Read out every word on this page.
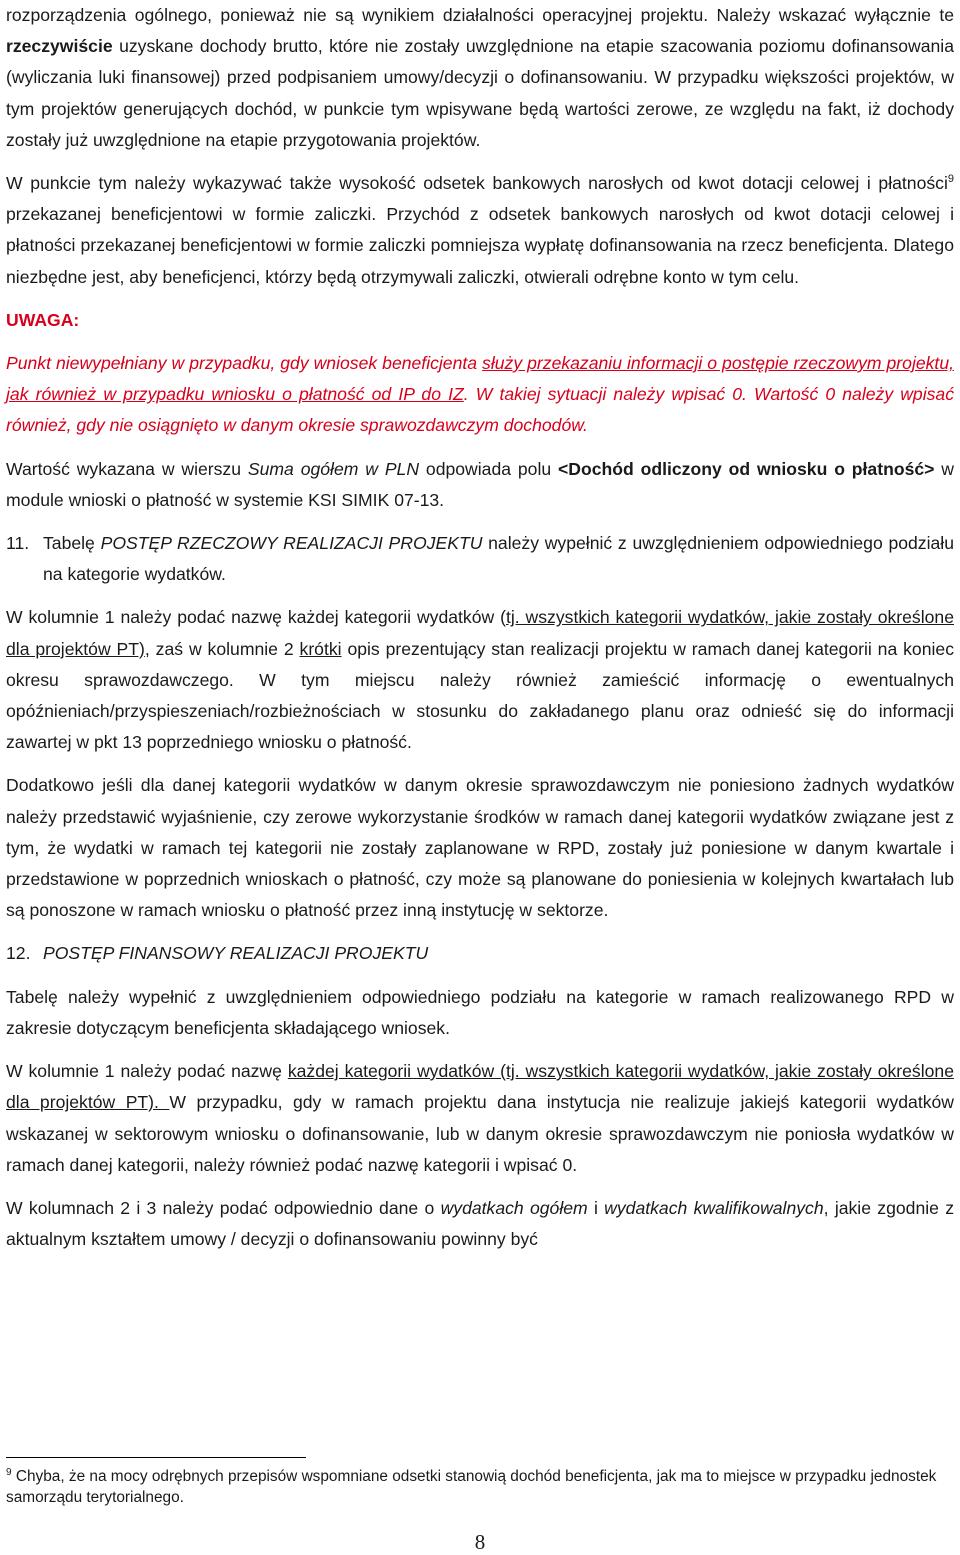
rozporządzenia ogólnego, ponieważ nie są wynikiem działalności operacyjnej projektu. Należy wskazać wyłącznie te rzeczywiście uzyskane dochody brutto, które nie zostały uwzględnione na etapie szacowania poziomu dofinansowania (wyliczania luki finansowej) przed podpisaniem umowy/decyzji o dofinansowaniu. W przypadku większości projektów, w tym projektów generujących dochód, w punkcie tym wpisywane będą wartości zerowe, ze względu na fakt, iż dochody zostały już uwzględnione na etapie przygotowania projektów.

W punkcie tym należy wykazywać także wysokość odsetek bankowych narosłych od kwot dotacji celowej i płatności$^9$ przekazanej beneficjentowi w formie zaliczki. Przychód z odsetek bankowych narosłych od kwot dotacji celowej i płatności przekazanej beneficjentowi w formie zaliczki pomniejsza wypłatę dofinansowania na rzecz beneficjenta. Dlatego niezbędne jest, aby beneficjenci, którzy będą otrzymywali zaliczki, otwierali odrębne konto w tym celu.

UWAGA:

Punkt niewypełniany w przypadku, gdy wniosek beneficjenta służy przekazaniu informacji o postępie rzeczowym projektu, jak również w przypadku wniosku o płatność od IP do IZ. W takiej sytuacji należy wpisać 0. Wartość 0 należy wpisać również, gdy nie osiągnięto w danym okresie sprawozdawczym dochodów.

Wartość wykazana w wierszu Suma ogółem w PLN odpowiada polu <Dochód odliczony od wniosku o płatność> w module wnioski o płatność w systemie KSI SIMIK 07-13.

11. Tabelę POSTĘP RZECZOWY REALIZACJI PROJEKTU należy wypełnić z uwzględnieniem odpowiedniego podziału na kategorie wydatków.

W kolumnie 1 należy podać nazwę każdej kategorii wydatków (tj. wszystkich kategorii wydatków, jakie zostały określone dla projektów PT), zaś w kolumnie 2 krótki opis prezentujący stan realizacji projektu w ramach danej kategorii na koniec okresu sprawozdawczego. W tym miejscu należy również zamieścić informację o ewentualnych opóźnieniach/przyspieszeniach/rozbieżnościach w stosunku do zakładanego planu oraz odnieść się do informacji zawartej w pkt 13 poprzedniego wniosku o płatność.

Dodatkowo jeśli dla danej kategorii wydatków w danym okresie sprawozdawczym nie poniesiono żadnych wydatków należy przedstawić wyjaśnienie, czy zerowe wykorzystanie środków w ramach danej kategorii wydatków związane jest z tym, że wydatki w ramach tej kategorii nie zostały zaplanowane w RPD, zostały już poniesione w danym kwartale i przedstawione w poprzednich wnioskach o płatność, czy może są planowane do poniesienia w kolejnych kwartałach lub są ponoszone w ramach wniosku o płatność przez inną instytucję w sektorze.

12. POSTĘP FINANSOWY REALIZACJI PROJEKTU

Tabelę należy wypełnić z uwzględnieniem odpowiedniego podziału na kategorie w ramach realizowanego RPD w zakresie dotyczącym beneficjenta składającego wniosek.

W kolumnie 1 należy podać nazwę każdej kategorii wydatków (tj. wszystkich kategorii wydatków, jakie zostały określone dla projektów PT). W przypadku, gdy w ramach projektu dana instytucja nie realizuje jakiejś kategorii wydatków wskazanej w sektorowym wniosku o dofinansowanie, lub w danym okresie sprawozdawczym nie poniosła wydatków w ramach danej kategorii, należy również podać nazwę kategorii i wpisać 0.

W kolumnach 2 i 3 należy podać odpowiednio dane o wydatkach ogółem i wydatkach kwalifikowalnych, jakie zgodnie z aktualnym kształtem umowy / decyzji o dofinansowaniu powinny być

$^9$ Chyba, że na mocy odrębnych przepisów wspomniane odsetki stanowią dochód beneficjenta, jak ma to miejsce w przypadku jednostek samorządu terytorialnego.
8
